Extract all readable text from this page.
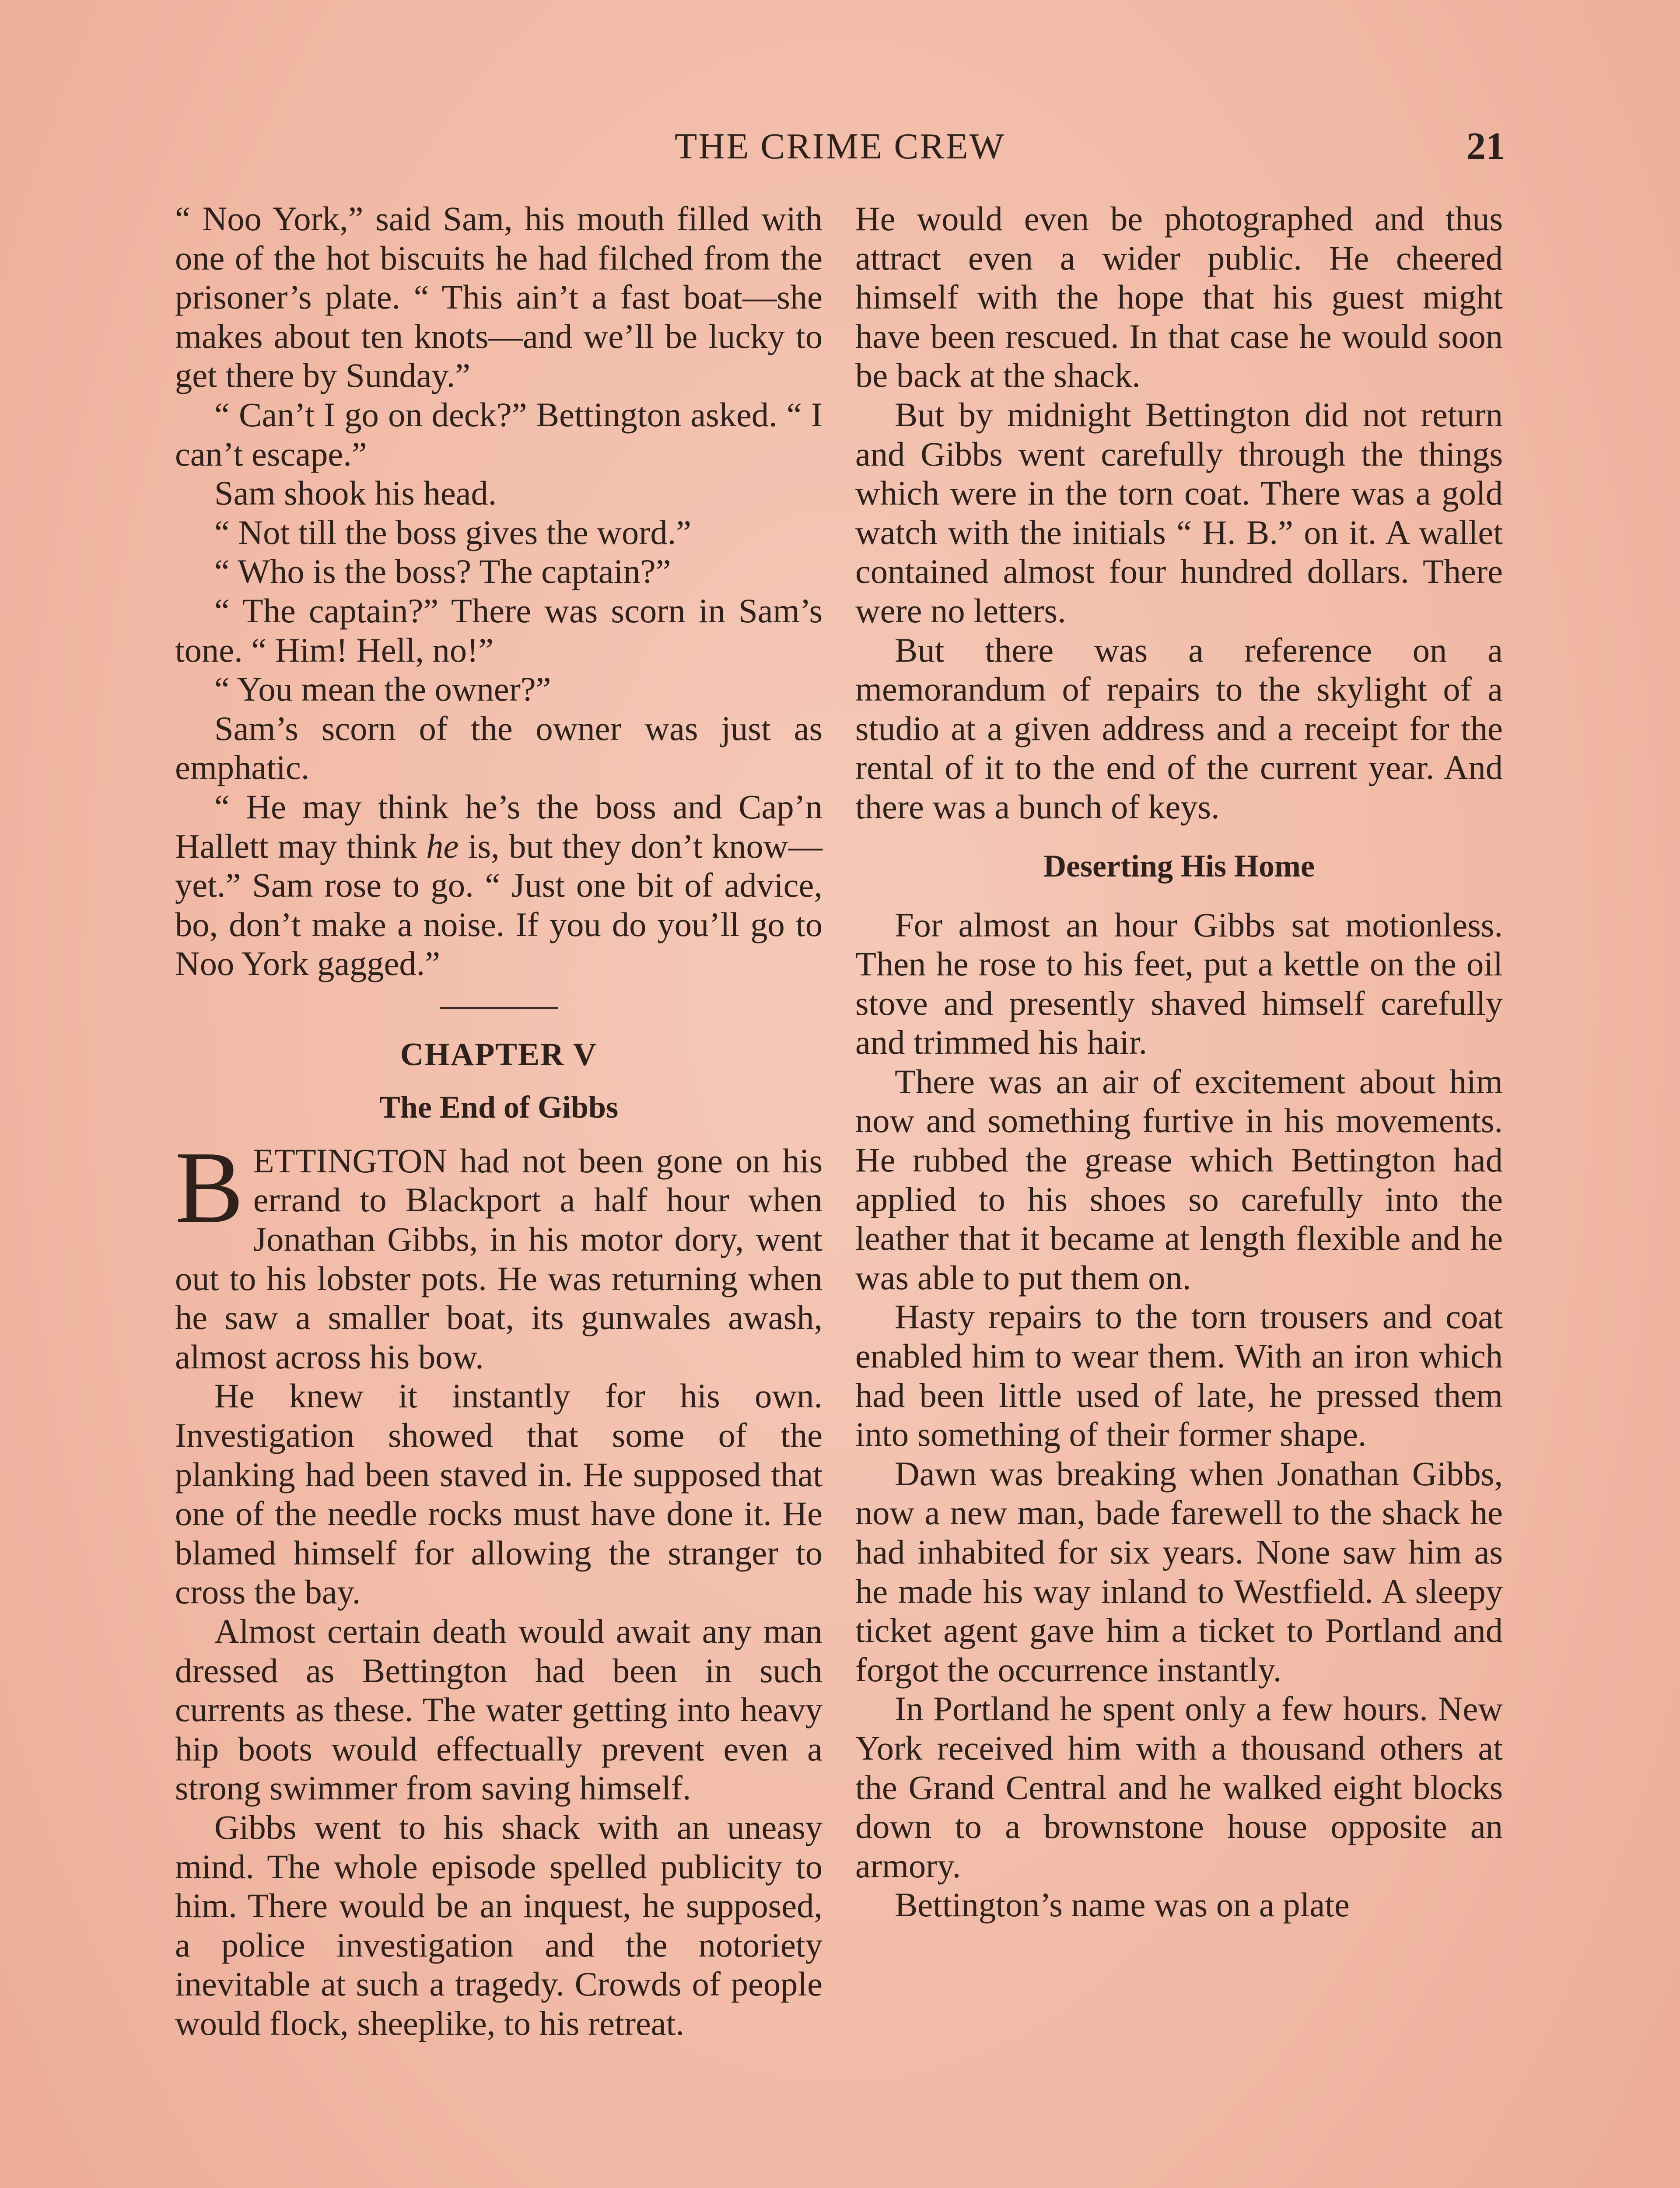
THE CRIME CREW	21

“ Noo York,” said Sam, his mouth filled with one of the hot biscuits he had filched from the prisoner’s plate. “ This ain’t a fast boat—she makes about ten knots—and we’ll be lucky to get there by Sunday.”

“ Can’t I go on deck?” Bettington asked. “ I can’t escape.”

Sam shook his head.

“ Not till the boss gives the word.”

“ Who is the boss? The captain?”

“ The captain?” There was scorn in Sam’s tone. “ Him! Hell, no!”

“ You mean the owner?”

Sam’s scorn of the owner was just as emphatic.

“ He may think he’s the boss and Cap’n Hallett may think he is, but they don’t know—yet.” Sam rose to go. “ Just one bit of advice, bo, don’t make a noise. If you do you’ll go to Noo York gagged.”

CHAPTER V
The End of Gibbs

BETTINGTON had not been gone on his errand to Blackport a half hour when Jonathan Gibbs, in his motor dory, went out to his lobster pots. He was returning when he saw a smaller boat, its gunwales awash, almost across his bow.

He knew it instantly for his own. Investigation showed that some of the planking had been staved in. He supposed that one of the needle rocks must have done it. He blamed himself for allowing the stranger to cross the bay.

Almost certain death would await any man dressed as Bettington had been in such currents as these. The water getting into heavy hip boots would effectually prevent even a strong swimmer from saving himself.

Gibbs went to his shack with an uneasy mind. The whole episode spelled publicity to him. There would be an inquest, he supposed, a police investigation and the notoriety inevitable at such a tragedy. Crowds of people would flock, sheeplike, to his retreat.

He would even be photographed and thus attract even a wider public. He cheered himself with the hope that his guest might have been rescued. In that case he would soon be back at the shack.

But by midnight Bettington did not return and Gibbs went carefully through the things which were in the torn coat. There was a gold watch with the initials “ H. B.” on it. A wallet contained almost four hundred dollars. There were no letters.

But there was a reference on a memorandum of repairs to the skylight of a studio at a given address and a receipt for the rental of it to the end of the current year. And there was a bunch of keys.

Deserting His Home

For almost an hour Gibbs sat motionless. Then he rose to his feet, put a kettle on the oil stove and presently shaved himself carefully and trimmed his hair.

There was an air of excitement about him now and something furtive in his movements. He rubbed the grease which Bettington had applied to his shoes so carefully into the leather that it became at length flexible and he was able to put them on.

Hasty repairs to the torn trousers and coat enabled him to wear them. With an iron which had been little used of late, he pressed them into something of their former shape.

Dawn was breaking when Jonathan Gibbs, now a new man, bade farewell to the shack he had inhabited for six years. None saw him as he made his way inland to Westfield. A sleepy ticket agent gave him a ticket to Portland and forgot the occurrence instantly.

In Portland he spent only a few hours. New York received him with a thousand others at the Grand Central and he walked eight blocks down to a brownstone house opposite an armory.

Bettington’s name was on a plate
